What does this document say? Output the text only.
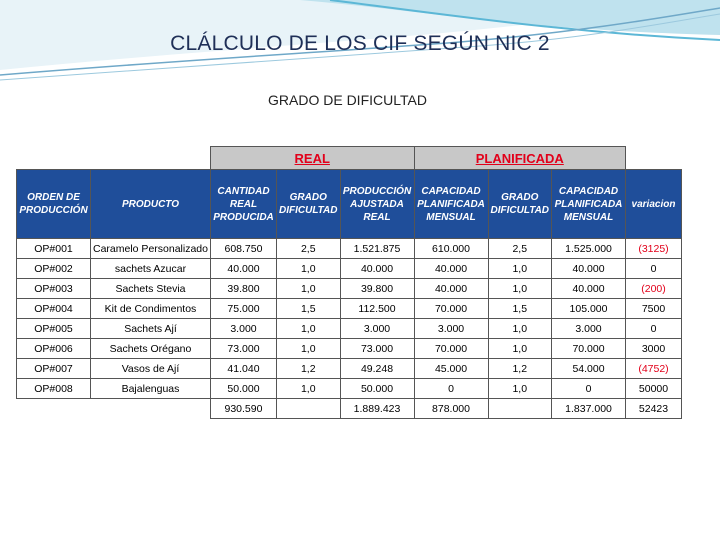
CLÁLCULO DE LOS CIF SEGÚN NIC 2
GRADO DE DIFICULTAD
		REAL			PLANIFICADA			
ORDEN DE PRODUCCIÓN	PRODUCTO	CANTIDAD REAL PRODUCIDA	GRADO DIFICULTAD	PRODUCCIÓN AJUSTADA REAL	CAPACIDAD PLANIFICADA MENSUAL	GRADO DIFICULTAD	CAPACIDAD PLANIFICADA MENSUAL	variacion
OP#001	Caramelo Personalizado	608.750	2,5	1.521.875	610.000	2,5	1.525.000	(3125)
OP#002	sachets Azucar	40.000	1,0	40.000	40.000	1,0	40.000	0
OP#003	Sachets Stevia	39.800	1,0	39.800	40.000	1,0	40.000	(200)
OP#004	Kit de Condimentos	75.000	1,5	112.500	70.000	1,5	105.000	7500
OP#005	Sachets Ají	3.000	1,0	3.000	3.000	1,0	3.000	0
OP#006	Sachets Orégano	73.000	1,0	73.000	70.000	1,0	70.000	3000
OP#007	Vasos de Ají	41.040	1,2	49.248	45.000	1,2	54.000	(4752)
OP#008	Bajalenguas	50.000	1,0	50.000	0	1,0	0	50000
		930.590		1.889.423	878.000		1.837.000	52423
